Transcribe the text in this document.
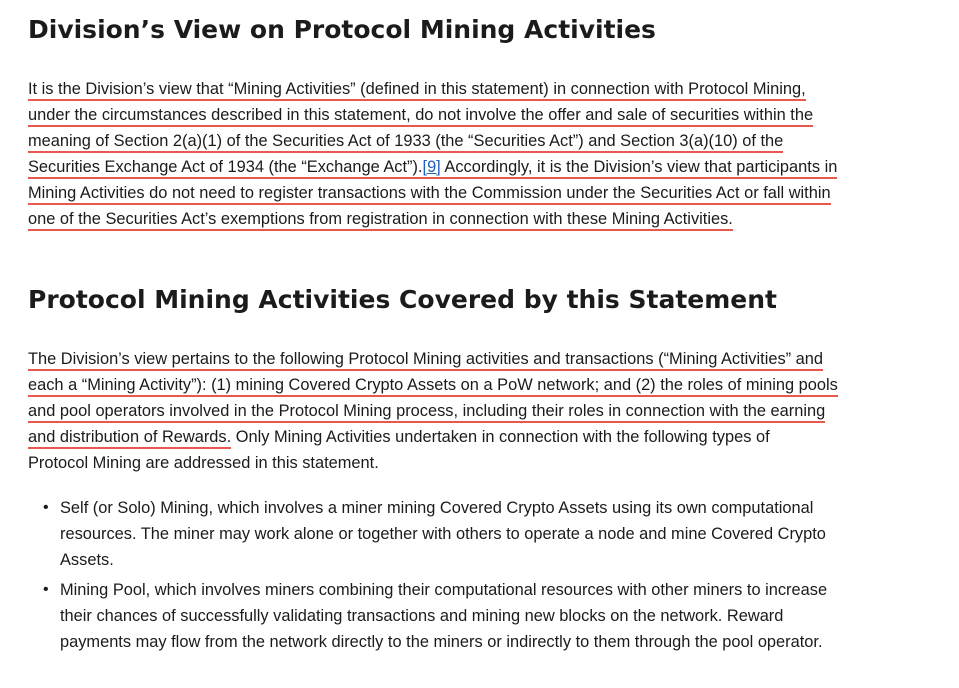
Division’s View on Protocol Mining Activities

It is the Division’s view that “Mining Activities” (defined in this statement) in connection with Protocol Mining,
under the circumstances described in this statement, do not involve the offer and sale of securities within the
meaning of Section 2(a)(1) of the Securities Act of 1933 (the “Securities Act”) and Section 3(a)(10) of the
Securities Exchange Act of 1934 (the “Exchange Act”).[9] Accordingly, it is the Division’s view that participants in
Mining Activities do not need to register transactions with the Commission under the Securities Act or fall within
one of the Securities Act’s exemptions from registration in connection with these Mining Activities.

Protocol Mining Activities Covered by this Statement

The Division’s view pertains to the following Protocol Mining activities and transactions (“Mining Activities” and
each a “Mining Activity”): (1) mining Covered Crypto Assets on a PoW network; and (2) the roles of mining pools
and pool operators involved in the Protocol Mining process, including their roles in connection with the earning
and distribution of Rewards. Only Mining Activities undertaken in connection with the following types of
Protocol Mining are addressed in this statement.

• Self (or Solo) Mining, which involves a miner mining Covered Crypto Assets using its own computational
resources. The miner may work alone or together with others to operate a node and mine Covered Crypto
Assets.
• Mining Pool, which involves miners combining their computational resources with other miners to increase
their chances of successfully validating transactions and mining new blocks on the network. Reward
payments may flow from the network directly to the miners or indirectly to them through the pool operator.
